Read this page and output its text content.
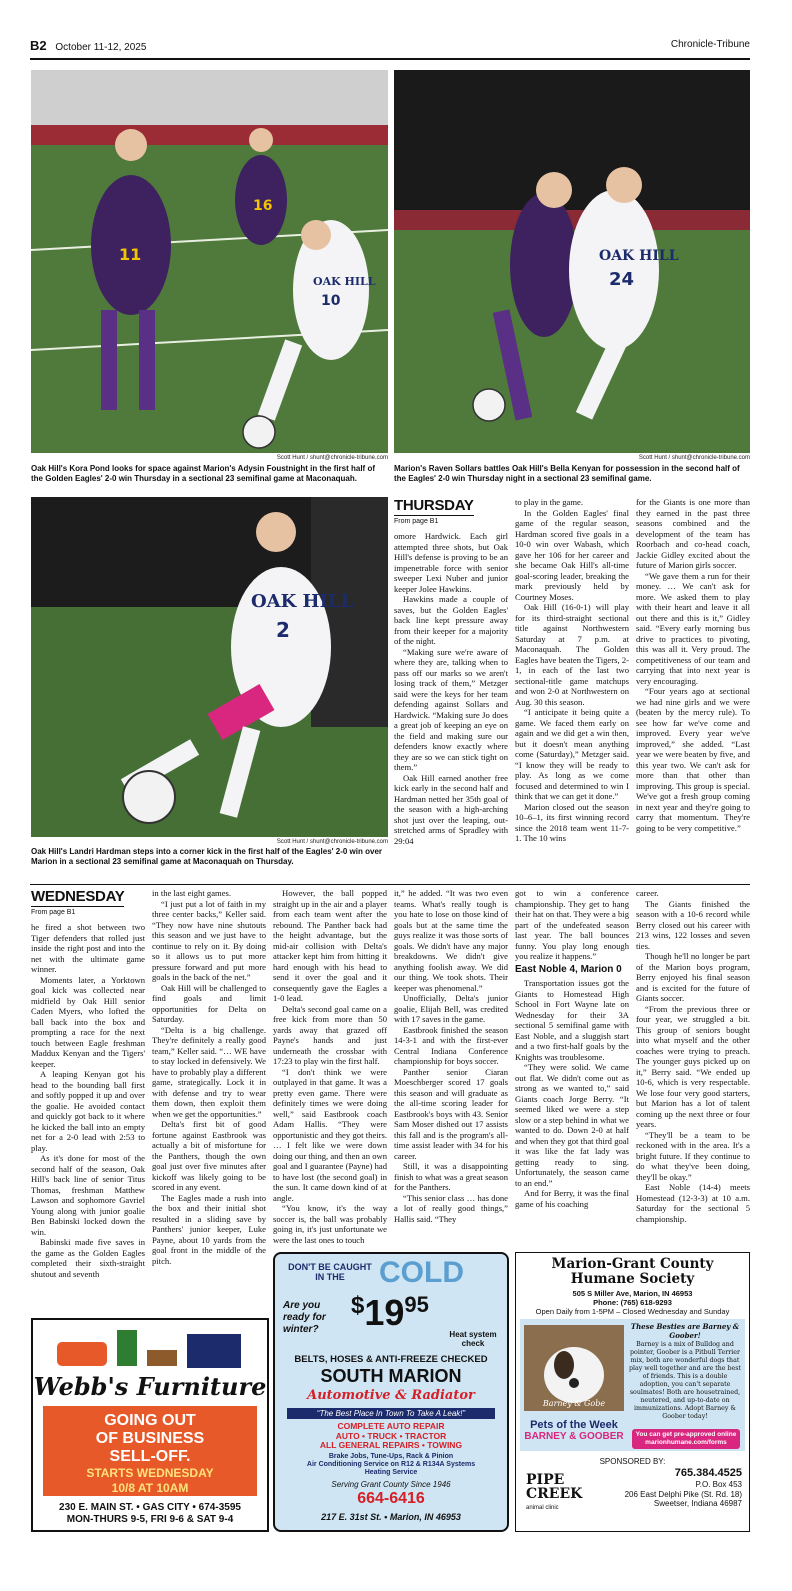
B2 October 11-12, 2025	Chronicle-Tribune
11
16
10
OAK HILL
Scott Hunt / shunt@chronicle-tribune.com
Oak Hill's Kora Pond looks for space against Marion's Adysin Foustnight in the first half of the Golden Eagles' 2-0 win Thursday in a sectional 23 semifinal game at Maconaquah.
OAK HILL
24
Scott Hunt / shunt@chronicle-tribune.com
Marion's Raven Sollars battles Oak Hill's Bella Kenyan for possession in the second half of the Eagles' 2-0 win Thursday night in a sectional 23 semifinal game.
OAK HILL
2
Scott Hunt / shunt@chronicle-tribune.com
Oak Hill's Landri Hardman steps into a corner kick in the first half of the Eagles' 2-0 win over Marion in a sectional 23 semifinal game at Maconaquah on Thursday.
THURSDAY
From page B1

omore Hardwick. Each girl attempted three shots, but Oak Hill's defense is proving to be an impenetrable force with senior sweeper Lexi Nuber and junior keeper Jolee Hawkins.

Hawkins made a couple of saves, but the Golden Eagles' back line kept pressure away from their keeper for a majority of the night.

“Making sure we're aware of where they are, talking when to pass off our marks so we aren't losing track of them,” Metzger said were the keys for her team defending against Sollars and Hardwick. “Making sure Jo does a great job of keeping an eye on the field and making sure our defenders know exactly where they are so we can stick tight on them.”

Oak Hill earned another free kick early in the second half and Hardman netted her 35th goal of the season with a high-arching shot just over the leaping, out-stretched arms of Spradley with 29:04

to play in the game.

In the Golden Eagles' final game of the regular season, Hardman scored five goals in a 10-0 win over Wabash, which gave her 106 for her career and she became Oak Hill's all-time goal-scoring leader, breaking the mark previously held by Courtney Moses.

Oak Hill (16-0-1) will play for its third-straight sectional title against Northwestern Saturday at 7 p.m. at Maconaquah. The Golden Eagles have beaten the Tigers, 2-1, in each of the last two sectional-title game matchups and won 2-0 at Northwestern on Aug. 30 this season.

“I anticipate it being quite a game. We faced them early on again and we did get a win then, but it doesn't mean anything come (Saturday),” Metzger said. “I know they will be ready to play. As long as we come focused and determined to win I think that we can get it done.”

Marion closed out the season 10–6–1, its first winning record since the 2018 team went 11-7-1. The 10 wins

for the Giants is one more than they earned in the past three seasons combined and the development of the team has Roorbach and co-head coach, Jackie Gidley excited about the future of Marion girls soccer.

“We gave them a run for their money. … We can't ask for more. We asked them to play with their heart and leave it all out there and this is it,” Gidley said. “Every early morning bus drive to practices to pivoting, this was all it. Very proud. The competitiveness of our team and carrying that into next year is very encouraging.

“Four years ago at sectional we had nine girls and we were (beaten by the mercy rule). To see how far we've come and improved. Every year we've improved,” she added. “Last year we were beaten by five, and this year two. We can't ask for more than that other than improving. This group is special. We've got a fresh group coming in next year and they're going to carry that momentum. They're going to be very competitive.”

WEDNESDAY
From page B1

he fired a shot between two Tiger defenders that rolled just inside the right post and into the net with the ultimate game winner.

Moments later, a Yorktown goal kick was collected near midfield by Oak Hill senior Caden Myers, who lofted the ball back into the box and prompting a race for the next touch between Eagle freshman Maddux Kenyan and the Tigers' keeper.

A leaping Kenyan got his head to the bounding ball first and softly popped it up and over the goalie. He avoided contact and quickly got back to it where he kicked the ball into an empty net for a 2-0 lead with 2:53 to play.

As it's done for most of the second half of the season, Oak Hill's back line of senior Titus Thomas, freshman Matthew Lawson and sophomore Gavriel Young along with junior goalie Ben Babinski locked down the win.

Babinski made five saves in the game as the Golden Eagles completed their sixth-straight shutout and seventh

in the last eight games.

“I just put a lot of faith in my three center backs,” Keller said. “They now have nine shutouts this season and we just have to continue to rely on it. By doing so it allows us to put more pressure forward and put more goals in the back of the net.”

Oak Hill will be challenged to find goals and limit opportunities for Delta on Saturday.

“Delta is a big challenge. They're definitely a really good team,” Keller said. “… WE have to stay locked in defensively. We have to probably play a different game, strategically. Lock it in with defense and try to wear them down, then exploit them when we get the opportunities.”

Delta's first bit of good fortune against Eastbrook was actually a bit of misfortune for the Panthers, though the own goal just over five minutes after kickoff was likely going to be scored in any event.

The Eagles made a rush into the box and their initial shot resulted in a sliding save by Panthers' junior keeper, Luke Payne, about 10 yards from the goal front in the middle of the pitch.

However, the ball popped straight up in the air and a player from each team went after the rebound. The Panther back had the height advantage, but the mid-air collision with Delta's attacker kept him from hitting it hard enough with his head to send it over the goal and it consequently gave the Eagles a 1-0 lead.

Delta's second goal came on a free kick from more than 50 yards away that grazed off Payne's hands and just underneath the crossbar with 17:23 to play win the first half.

“I don't think we were outplayed in that game. It was a pretty even game. There were definitely times we were doing well,” said Eastbrook coach Adam Hallis. “They were opportunistic and they got theirs. … I felt like we were down doing our thing, and then an own goal and I guarantee (Payne) had to have lost (the second goal) in the sun. It came down kind of at angle.

“You know, it's the way soccer is, the ball was probably going in, it's just unfortunate we were the last ones to touch

it,” he added. “It was two even teams. What's really tough is you hate to lose on those kind of goals but at the same time the guys realize it was those sorts of goals. We didn't have any major breakdowns. We didn't give anything foolish away. We did our thing. We took shots. Their keeper was phenomenal.”

Unofficially, Delta's junior goalie, Elijah Bell, was credited with 17 saves in the game.

Eastbrook finished the season 14-3-1 and with the first-ever Central Indiana Conference championship for boys soccer.

Panther senior Ciaran Moeschberger scored 17 goals this season and will graduate as the all-time scoring leader for Eastbrook's boys with 43. Senior Sam Moser dished out 17 assists this fall and is the program's all-time assist leader with 34 for his career.

Still, it was a disappointing finish to what was a great season for the Panthers.

“This senior class … has done a lot of really good things,” Hallis said. “They

got to win a conference championship. They get to hang their hat on that. They were a big part of the undefeated season last year. The ball bounces funny. You play long enough you realize it happens.”

East Noble 4, Marion 0

Transportation issues got the Giants to Homestead High School in Fort Wayne late on Wednesday for their 3A sectional 5 semifinal game with East Noble, and a sluggish start and a two first-half goals by the Knights was troublesome.

“They were solid. We came out flat. We didn't come out as strong as we wanted to,” said Giants coach Jorge Berry. “It seemed liked we were a step slow or a step behind in what we wanted to do. Down 2-0 at half and when they got that third goal it was like the fat lady was getting ready to sing. Unfortunately, the season came to an end.”

And for Berry, it was the final game of his coaching

career.

The Giants finished the season with a 10-6 record while Berry closed out his career with 213 wins, 122 losses and seven ties.

Though he'll no longer be part of the Marion boys program, Berry enjoyed his final season and is excited for the future of Giants soccer.

“From the previous three or four year, we struggled a bit. This group of seniors bought into what myself and the other coaches were trying to preach. The younger guys picked up on it,” Berry said. “We ended up 10-6, which is very respectable. We lose four very good starters, but Marion has a lot of talent coming up the next three or four years.

“They'll be a team to be reckoned with in the area. It's a bright future. If they continue to do what they've been doing, they'll be okay.”

East Noble (14-4) meets Homestead (12-3-3) at 10 a.m. Saturday for the sectional 5 championship.

Webb's Furniture
GOING OUT
OF BUSINESS
SELL-OFF.
STARTS WEDNESDAY
10/8 AT 10AM
230 E. MAIN ST. • GAS CITY • 674-3595
MON-THURS 9-5, FRI 9-6 & SAT 9-4
DON'T BE CAUGHT IN THE	COLD
Are you ready for winter?
$1995
Heat system check
BELTS, HOSES & ANTI-FREEZE CHECKED
SOUTH MARION
Automotive & Radiator
“The Best Place In Town To Take A Leak!”
COMPLETE AUTO REPAIR
AUTO • TRUCK • TRACTOR
ALL GENERAL REPAIRS • TOWING
Brake Jobs, Tune-Ups, Rack & Pinion
Air Conditioning Service on R12 & R134A Systems
Heating Service
Serving Grant County Since 1946
664-6416
217 E. 31st St. • Marion, IN 46953
Marion-Grant County
Humane Society
505 S Miller Ave, Marion, IN 46953
Phone: (765) 618-9293
Open Daily from 1-5PM – Closed Wednesday and Sunday
Barney & Gobe
These Besties are Barney & Goober!
Barney is a mix of Bulldog and pointer, Goober is a Pitbull Terrier mix, both are wonderful dogs that play well together and are the best of friends. This is a double adoption, you can't separate soulmates! Both are housetrained, neutered, and up-to-date on immunizations. Adopt Barney & Goober today!
Pets of the Week
BARNEY & GOOBER	You can get pre-approved online
marionhumane.com/forms
SPONSORED BY:
PIPE
CREEK
animal clinic
765.384.4525
P.O. Box 453
206 East Delphi Pike (St. Rd. 18)
Sweetser, Indiana 46987
